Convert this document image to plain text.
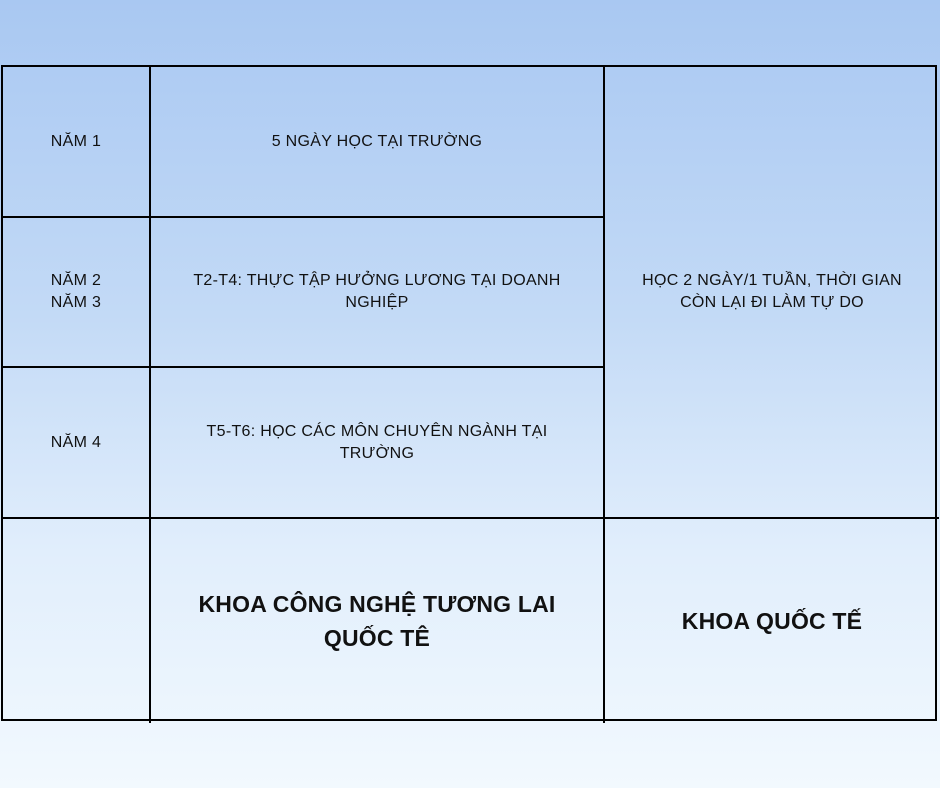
NĂM 1	5 NGÀY HỌC TẠI TRƯỜNG
HỌC 2 NGÀY/1 TUẦN, THỜI GIAN CÒN LẠI ĐI LÀM TỰ DO
NĂM 2
NĂM 3
T2-T4: THỰC TẬP HƯỞNG LƯƠNG TẠI DOANH NGHIỆP
NĂM 4
T5-T6: HỌC CÁC MÔN CHUYÊN NGÀNH TẠI TRƯỜNG
KHOA CÔNG NGHỆ TƯƠNG LAI QUỐC TÊ
KHOA QUỐC TẾ
